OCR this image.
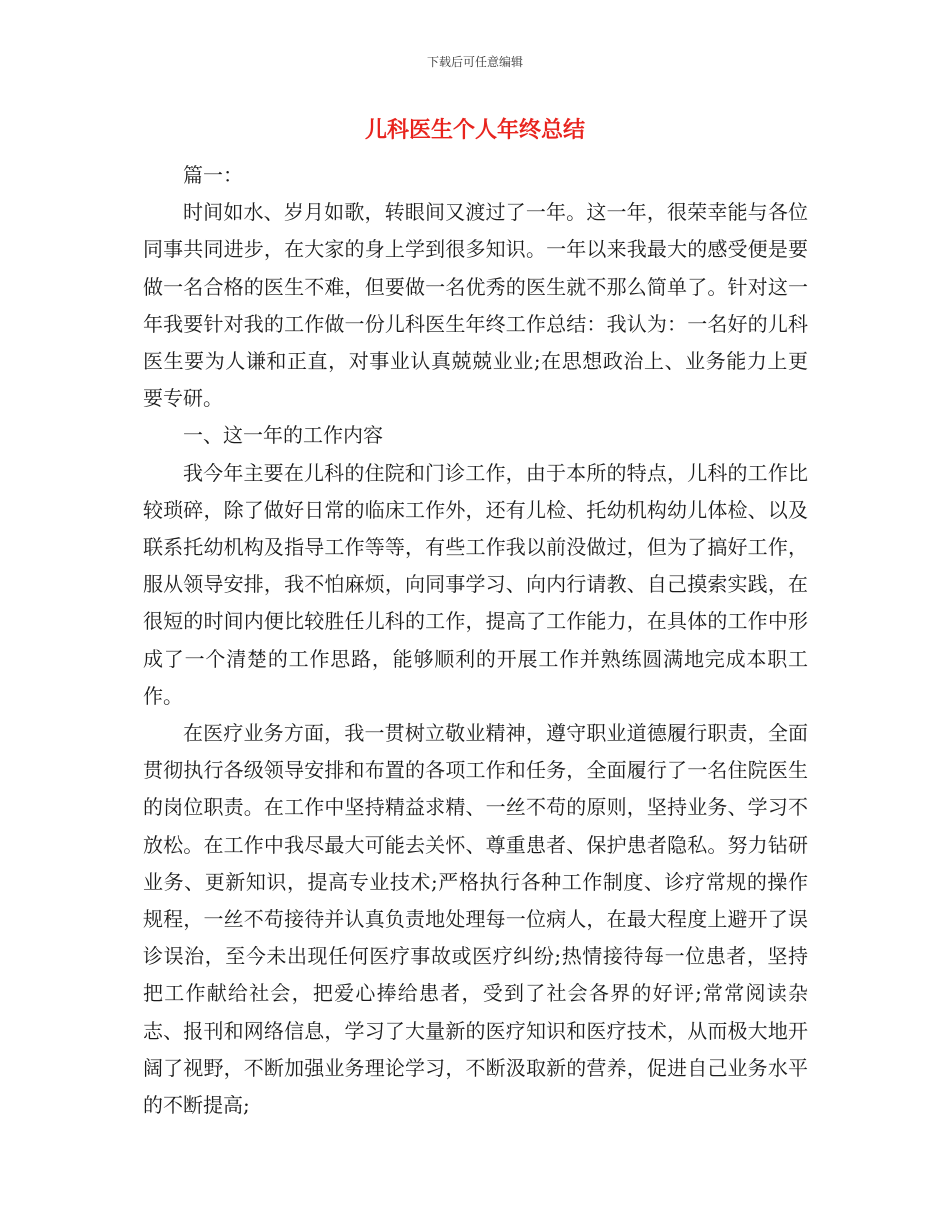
下载后可任意编辑
儿科医生个人年终总结

篇一：

时间如水、岁月如歌，转眼间又渡过了一年。这一年，很荣幸能与各位同事共同进步，在大家的身上学到很多知识。一年以来我最大的感受便是要做一名合格的医生不难，但要做一名优秀的医生就不那么简单了。针对这一年我要针对我的工作做一份儿科医生年终工作总结：我认为：一名好的儿科医生要为人谦和正直，对事业认真兢兢业业;在思想政治上、业务能力上更要专研。

一、这一年的工作内容

我今年主要在儿科的住院和门诊工作，由于本所的特点，儿科的工作比较琐碎，除了做好日常的临床工作外，还有儿检、托幼机构幼儿体检、以及联系托幼机构及指导工作等等，有些工作我以前没做过，但为了搞好工作，服从领导安排，我不怕麻烦，向同事学习、向内行请教、自己摸索实践，在很短的时间内便比较胜任儿科的工作，提高了工作能力，在具体的工作中形成了一个清楚的工作思路，能够顺利的开展工作并熟练圆满地完成本职工作。

在医疗业务方面，我一贯树立敬业精神，遵守职业道德履行职责，全面贯彻执行各级领导安排和布置的各项工作和任务，全面履行了一名住院医生的岗位职责。在工作中坚持精益求精、一丝不苟的原则，坚持业务、学习不放松。在工作中我尽最大可能去关怀、尊重患者、保护患者隐私。努力钻研业务、更新知识，提高专业技术;严格执行各种工作制度、诊疗常规的操作规程，一丝不苟接待并认真负责地处理每一位病人，在最大程度上避开了误诊误治，至今未出现任何医疗事故或医疗纠纷;热情接待每一位患者，坚持把工作献给社会，把爱心捧给患者，受到了社会各界的好评;常常阅读杂志、报刊和网络信息，学习了大量新的医疗知识和医疗技术，从而极大地开阔了视野，不断加强业务理论学习，不断汲取新的营养，促进自己业务水平的不断提高;
